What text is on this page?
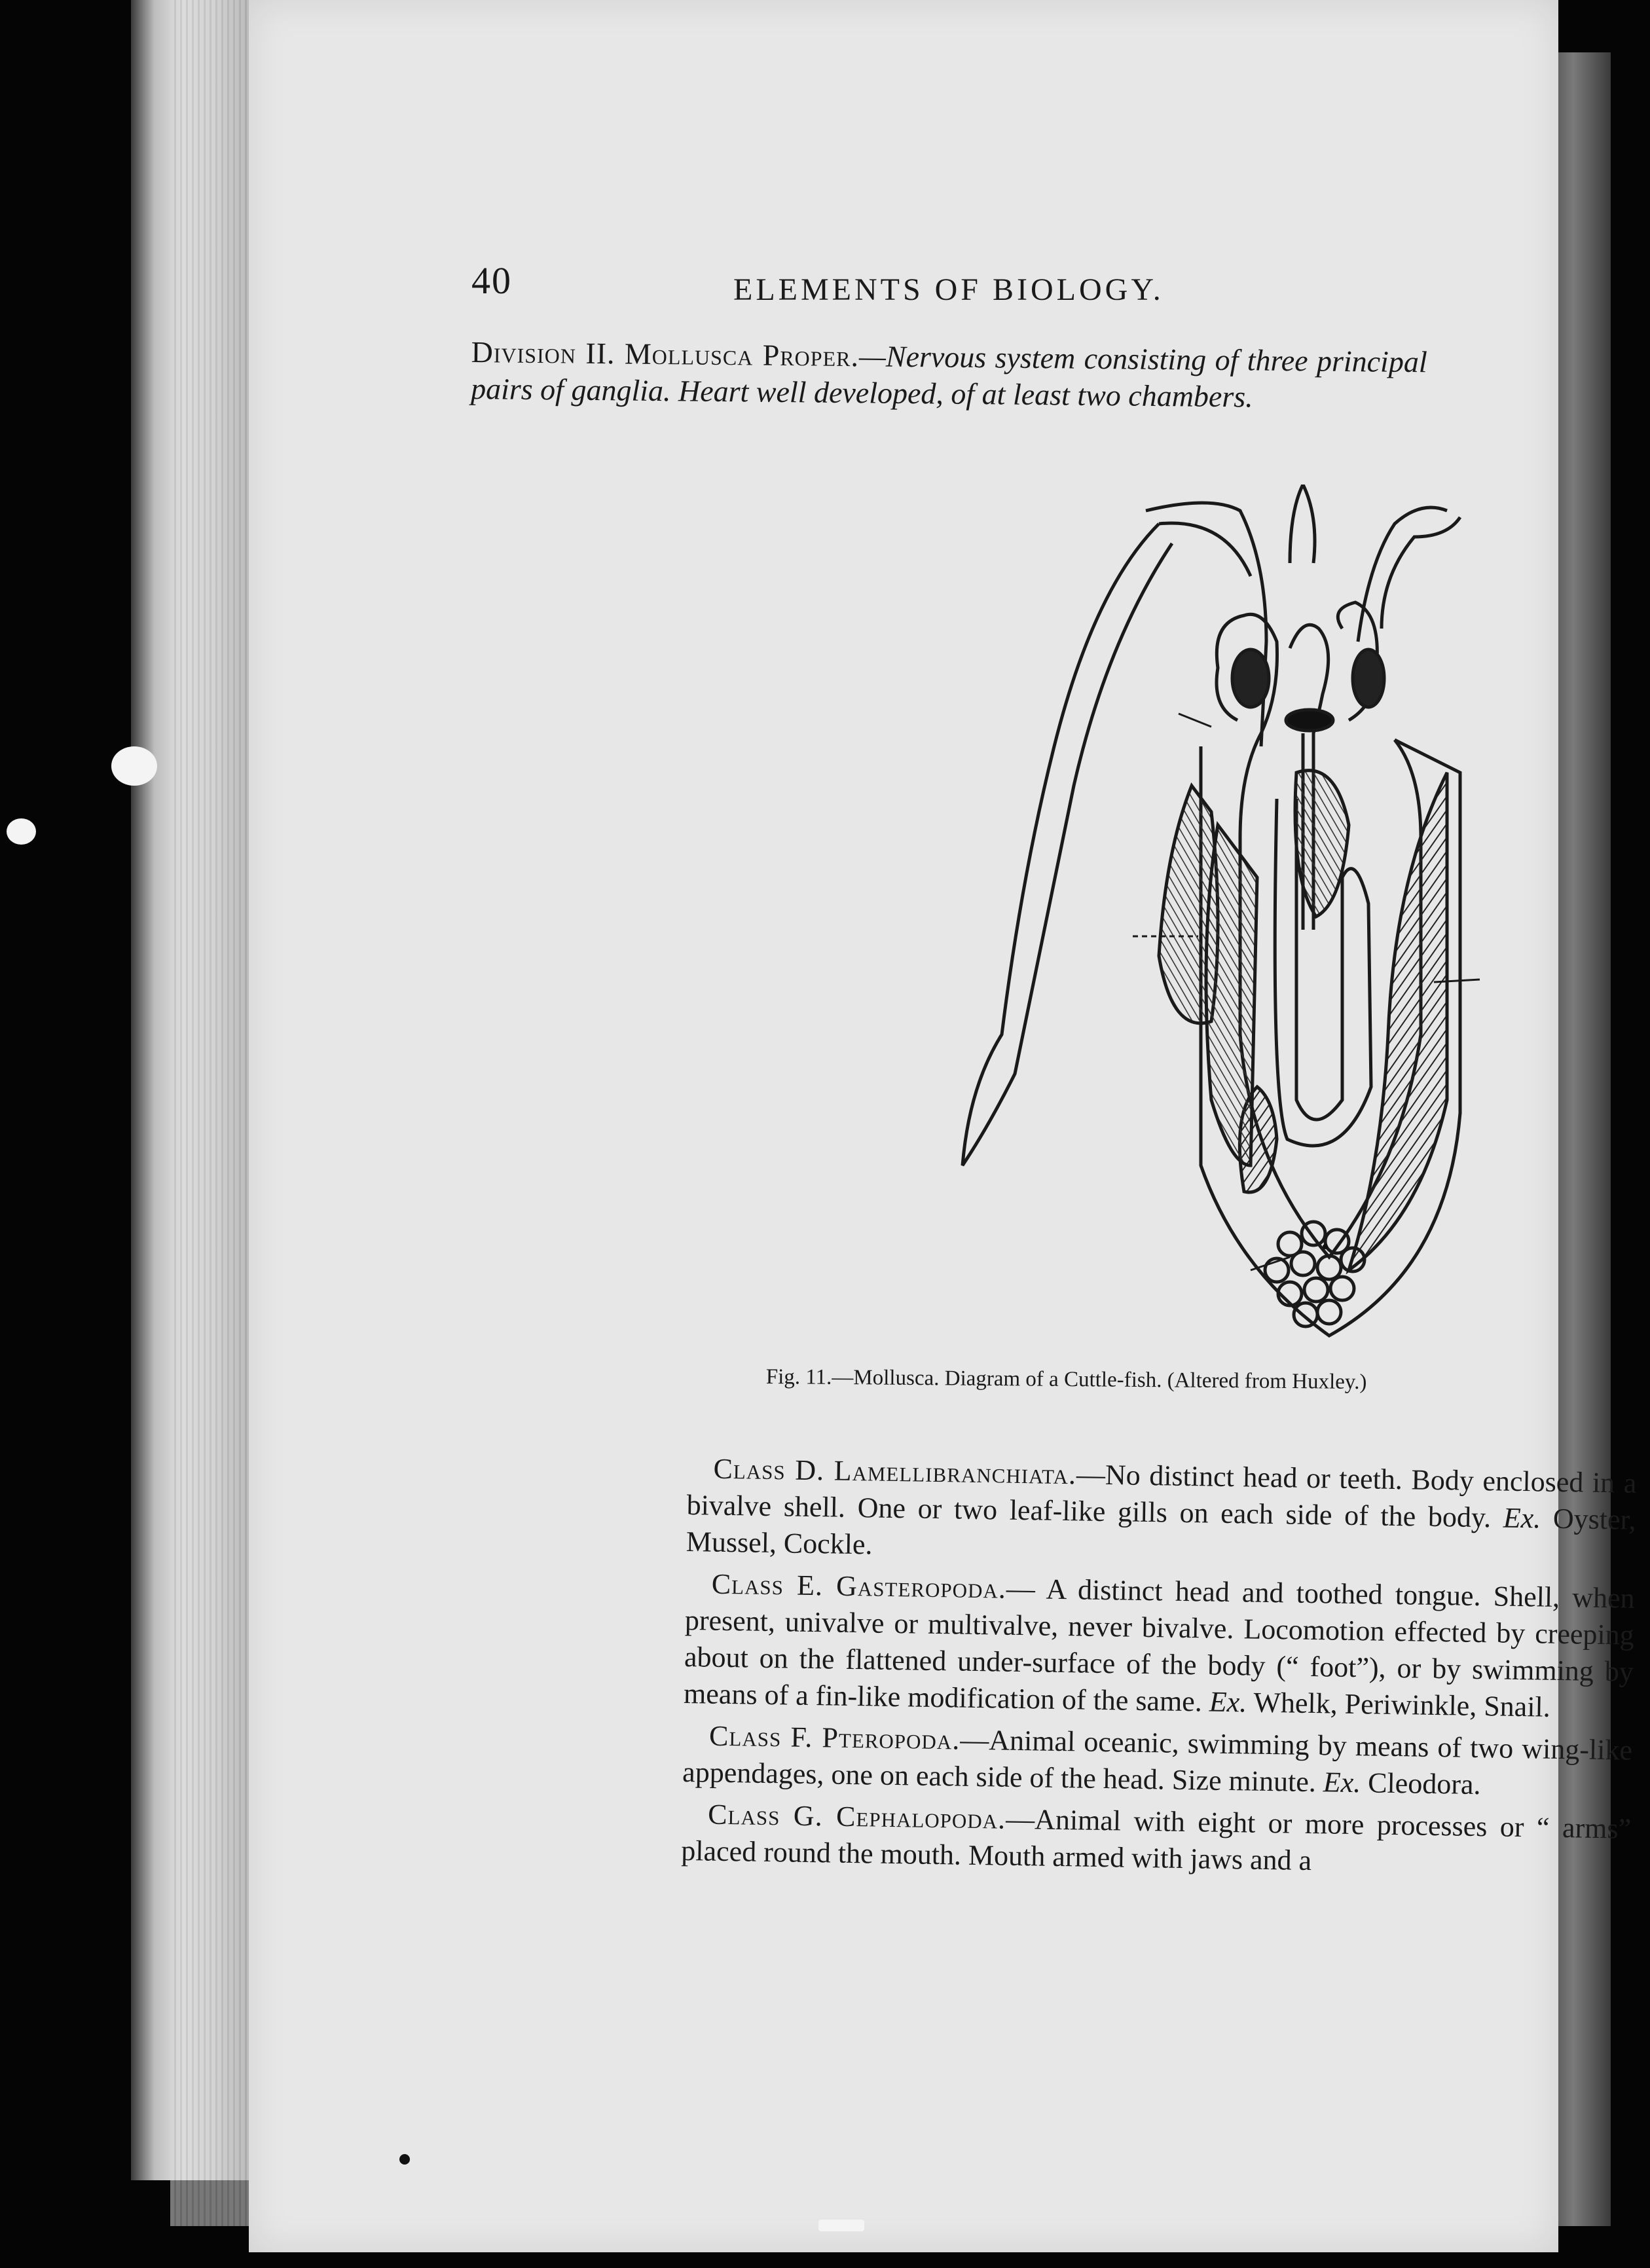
40	ELEMENTS OF BIOLOGY.
Division II. Mollusca Proper.—Nervous system consisting of three principal pairs of ganglia. Heart well developed, of at least two chambers.
Fig. 11.—Mollusca. Diagram of a Cuttle-fish. (Altered from Huxley.)

Class D. Lamellibranchiata.—No distinct head or teeth. Body enclosed in a bivalve shell. One or two leaf-like gills on each side of the body. Ex. Oyster, Mussel, Cockle.

Class E. Gasteropoda.— A distinct head and toothed tongue. Shell, when present, univalve or multivalve, never bivalve. Locomotion effected by creeping about on the flattened under-surface of the body (“ foot”), or by swimming by means of a fin-like modification of the same. Ex. Whelk, Periwinkle, Snail.

Class F. Pteropoda.—Animal oceanic, swimming by means of two wing-like appendages, one on each side of the head. Size minute. Ex. Cleodora.

Class G. Cephalopoda.—Animal with eight or more processes or “ arms” placed round the mouth. Mouth armed with jaws and a
